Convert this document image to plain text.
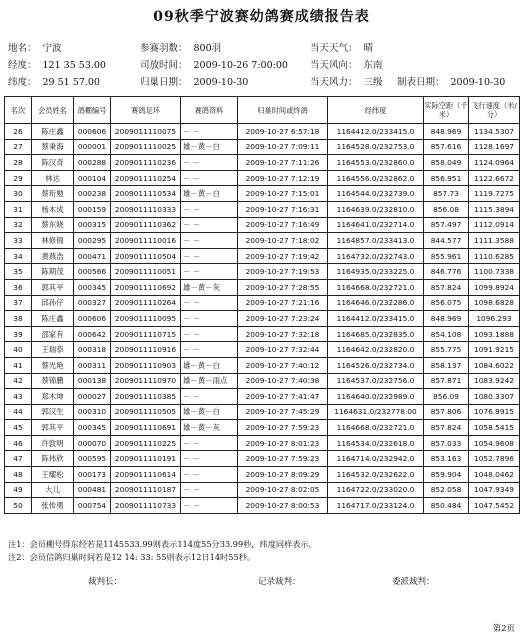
09秋季宁波赛幼鸽赛成绩报告表
地名： 宁波	参赛羽数： 800羽	当天天气： 晴
经度： 121 35 53.00	司放时间： 2009-10-26 7:00:00 当天风向： 东南
纬度： 29 51 57.00	归巢日期： 2009-10-30	当天风力： 三级 制表日期： 2009-10-30
名次	会员姓名	鸽棚编号	赛鸽足环	赛鸽资料	归巢时间或终鸽	经纬度	实际空距（千米）	飞行速度（米/分）
26	陈庄鑫	000606	2009011110075	－ －	2009-10-27 6:57:18	1164412.0/233415.0	848.969	1134.5307
27	蔡秉海	000001	2009011110025	雄－黄－白	2009-10-27 7:09:11	1164528.0/232753.0	857.616	1128.1697
28	陈汉奇	000288	2009011110236	－ －	2009-10-27 7:11:26	1164553.0/232860.0	858.049	1124.0964
29	林达	000104	2009011110254	－ －	2009-10-27 7:12:19	1164556.0/232862.0	856.951	1122.6672
30	蔡珩勉	000238	2009011110534	雄－黄－白	2009-10-27 7:15:01	1164544.0/232739.0	857.73	1119.7275
31	杨木成	000159	2009011110333	－ －	2009-10-27 7:16:31	1164639.0/232810.0	856.08	1115.3894
32	蔡东晓	000315	2009011110362	－ －	2009-10-27 7:16:49	1164641.0/232714.0	857.497	1112.0914
33	林修锦	000295	2009011110016	－ －	2009-10-27 7:18:02	1164857.0/233413.0	844.577	1111.3588
34	黄燕浩	000471	2009011110504	－ －	2009-10-27 7:19:42	1164732.0/232743.0	855.961	1110.6285
35	陈期茂	000566	2009011110051	－ －	2009-10-27 7:19:53	1164935.0/233225.0	846.776	1100.7338
36	郭其平	000345	2009011110692	雄－黄－灰	2009-10-27 7:28:55	1164668.0/232721.0	857.824	1099.8924
37	邱孙仔	000327	2009011110264	－ －	2009-10-27 7:21:16	1164646.0/232286.0	856.075	1098.6828
38	陈庄鑫	000606	2009011110095	－ －	2009-10-27 7:23:24	1164412.0/233415.0	848.969	1096.293
39	邵家有	000642	2009011110715	－ －	2009-10-27 7:32:18	1164685.0/232835.0	854.108	1093.1888
40	王瑞恭	000318	2009011110916	－ －	2009-10-27 7:32:44	1164642.0/232820.0	855.775	1091.9215
41	蔡光艳	000311	2009011110903	雄－黄－白	2009-10-27 7:40:12	1164526.0/232734.0	858.137	1084.6022
42	蔡锦鹏	000138	2009011110970	雄－黄－雨点	2009-10-27 7:40:38	1164537.0/232756.0	857.871	1083.9242
43	郑木坤	000027	2009011110385	－ －	2009-10-27 7:41:47	1164640.0/232989.0	856.09	1080.3307
44	郭汉生	000310	2009011110505	雄－黄－白	2009-10-27 7:45:29	1164631.0/232778.00	857.806	1076.9915
45	郭其平	000345	2009011110691	雄－黄－灰	2009-10-27 7:59:23	1164668.0/232721.0	857.824	1058.5415
46	许敦明	000070	2009011110225	－ －	2009-10-27 8:01:23	1164534.0/232618.0	857.033	1054.9608
47	陈伟欣	000595	2009011110191	－ －	2009-10-27 7:59:23	1164714.0/232942.0	853.163	1052.7896
48	王耀松	000173	2009011110614	－ －	2009-10-27 8:09:29	1164532.0/232622.0	859.904	1048.0462
49	大儿	000481	2009011110187	－ －	2009-10-27 8:02:05	1164722.0/233020.0	852.058	1047.9349
50	张传勇	000754	2009011110733	－ －	2009-10-27 8:00:53	1164717.0/233124.0	850.484	1047.5452
注1：会员棚号得东经若是1145533.99则表示114度55分33.99秒，纬度同样表示。
注2：会员信鸽归巢时间若是12 14: 33: 55则表示12日14时55秒。
裁判长：	记录裁判：	委派裁判：
第2页
